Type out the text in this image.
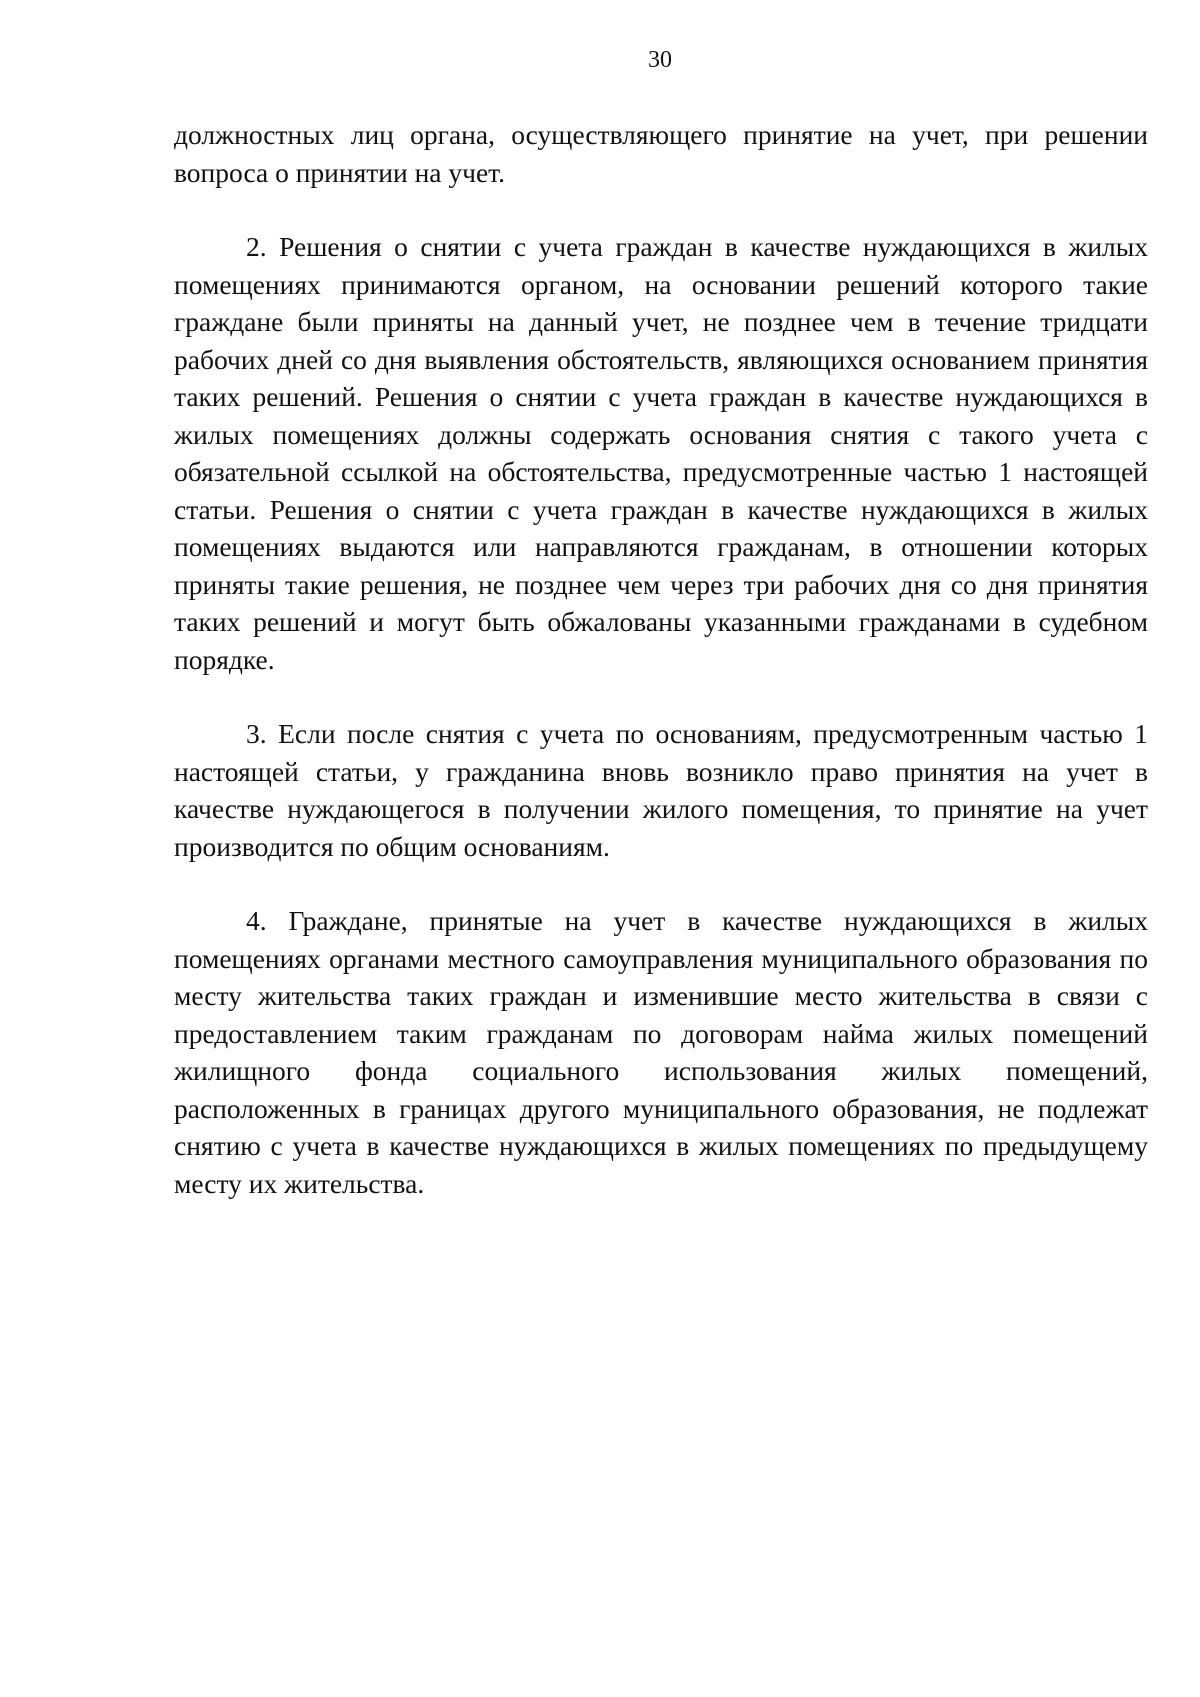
30

должностных лиц органа, осуществляющего принятие на учет, при решении вопроса о принятии на учет.

2. Решения о снятии с учета граждан в качестве нуждающихся в жилых помещениях принимаются органом, на основании решений которого такие граждане были приняты на данный учет, не позднее чем в течение тридцати рабочих дней со дня выявления обстоятельств, являющихся основанием принятия таких решений. Решения о снятии с учета граждан в качестве нуждающихся в жилых помещениях должны содержать основания снятия с такого учета с обязательной ссылкой на обстоятельства, предусмотренные частью 1 настоящей статьи. Решения о снятии с учета граждан в качестве нуждающихся в жилых помещениях выдаются или направляются гражданам, в отношении которых приняты такие решения, не позднее чем через три рабочих дня со дня принятия таких решений и могут быть обжалованы указанными гражданами в судебном порядке.

3. Если после снятия с учета по основаниям, предусмотренным частью 1 настоящей статьи, у гражданина вновь возникло право принятия на учет в качестве нуждающегося в получении жилого помещения, то принятие на учет производится по общим основаниям.

4. Граждане, принятые на учет в качестве нуждающихся в жилых помещениях органами местного самоуправления муниципального образования по месту жительства таких граждан и изменившие место жительства в связи с предоставлением таким гражданам по договорам найма жилых помещений жилищного фонда социального использования жилых помещений, расположенных в границах другого муниципального образования, не подлежат снятию с учета в качестве нуждающихся в жилых помещениях по предыдущему месту их жительства.
